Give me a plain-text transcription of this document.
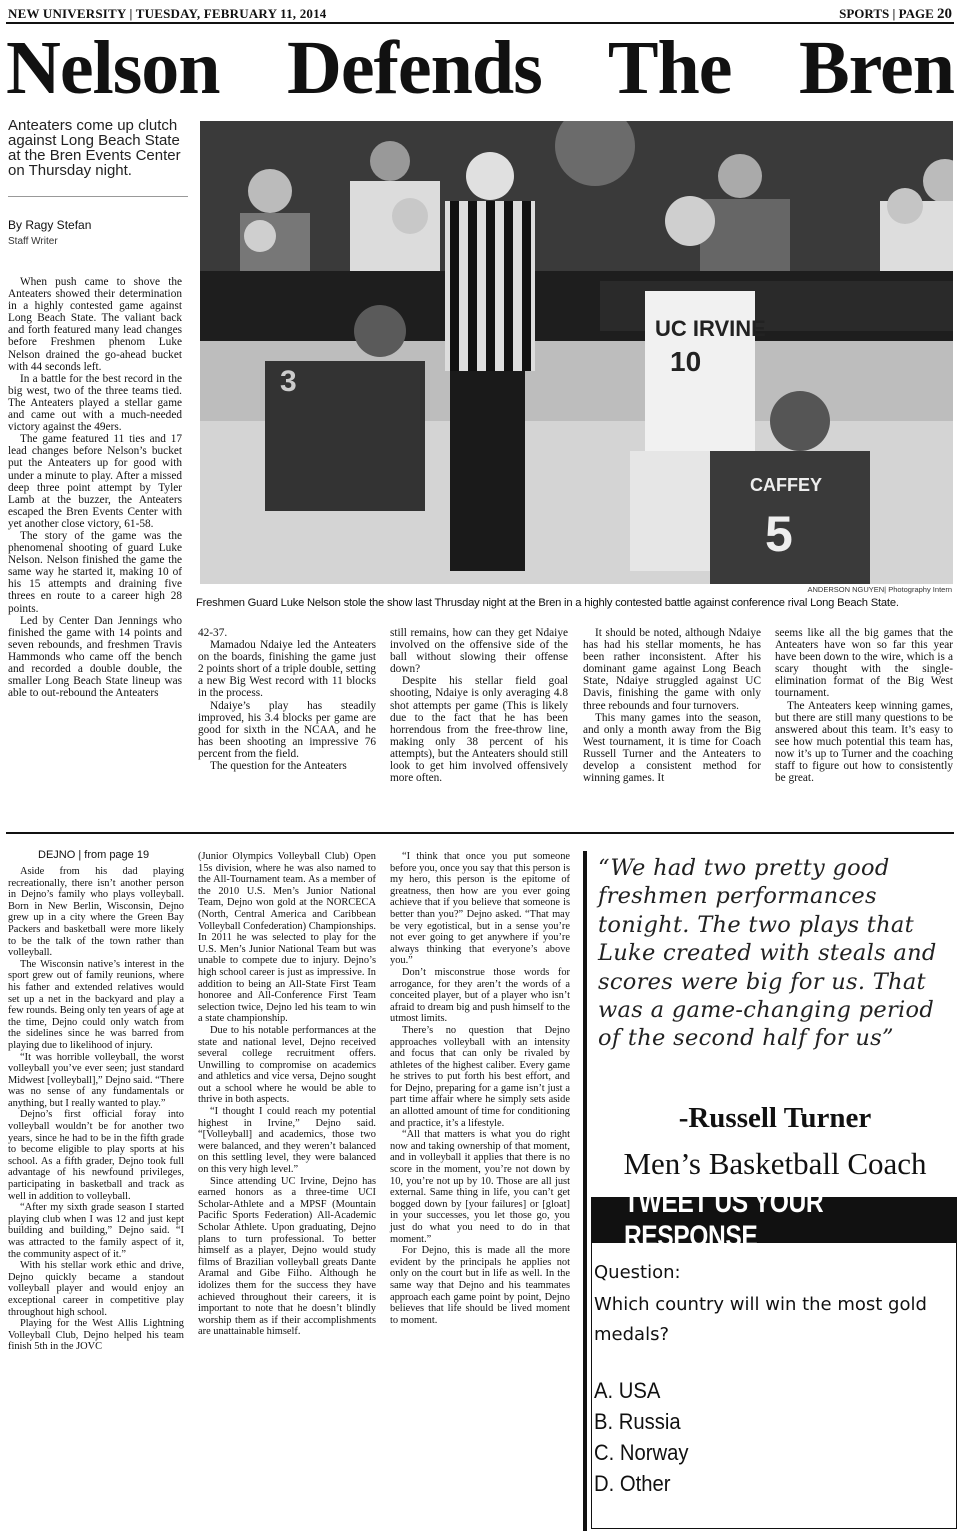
NEW UNIVERSITY | TUESDAY, FEBRUARY 11, 2014	SPORTS | PAGE 20
Nelson Defends The Bren
Anteaters come up clutch against Long Beach State at the Bren Events Center on Thursday night.
By Ragy Stefan
Staff Writer
UC IRVINE
10
3
CAFFEY
5
ANDERSON NGUYEN| Photography Intern
Freshmen Guard Luke Nelson stole the show last Thrusday night at the Bren in a highly contested battle against conference rival Long Beach State.

When push came to shove the Anteaters showed their determination in a highly contested game against Long Beach State. The valiant back and forth featured many lead changes before Freshmen phenom Luke Nelson drained the go-ahead bucket with 44 seconds left.

In a battle for the best record in the big west, two of the three teams tied. The Anteaters played a stellar game and came out with a much-needed victory against the 49ers.

The game featured 11 ties and 17 lead changes before Nelson’s bucket put the Anteaters up for good with under a minute to play. After a missed deep three point attempt by Tyler Lamb at the buzzer, the Anteaters escaped the Bren Events Center with yet another close victory, 61-58.

The story of the game was the phenomenal shooting of guard Luke Nelson. Nelson finished the game the same way he started it, making 10 of his 15 attempts and draining five threes en route to a career high 28 points.

Led by Center Dan Jennings who finished the game with 14 points and seven rebounds, and freshmen Travis Hammonds who came off the bench and recorded a double double, the smaller Long Beach State lineup was able to out-rebound the Anteaters

42-37.

Mamadou Ndaiye led the Anteaters on the boards, finishing the game just 2 points short of a triple double, setting a new Big West record with 11 blocks in the process.

Ndaiye’s play has steadily improved, his 3.4 blocks per game are good for sixth in the NCAA, and he has been shooting an impressive 76 percent from the field.

The question for the Anteaters

still remains, how can they get Ndaiye involved on the offensive side of the ball without slowing their offense down?

Despite his stellar field goal shooting, Ndaiye is only averaging 4.8 shot attempts per game (This is likely due to the fact that he has been horrendous from the free-throw line, making only 38 percent of his attempts), but the Anteaters should still look to get him involved offensively more often.

It should be noted, although Ndaiye has had his stellar moments, he has been rather inconsistent. After his dominant game against Long Beach State, Ndaiye struggled against UC Davis, finishing the game with only three rebounds and four turnovers.

This many games into the season, and only a month away from the Big West tournament, it is time for Coach Russell Turner and the Anteaters to develop a consistent method for winning games. It

seems like all the big games that the Anteaters have won so far this year have been down to the wire, which is a scary thought with the single-elimination format of the Big West tournament.

The Anteaters keep winning games, but there are still many questions to be answered about this team. It’s easy to see how much potential this team has, now it’s up to Turner and the coaching staff to figure out how to consistently be great.

DEJNO | from page 19

Aside from his dad playing recreationally, there isn’t another person in Dejno’s family who plays volleyball. Born in New Berlin, Wisconsin, Dejno grew up in a city where the Green Bay Packers and basketball were more likely to be the talk of the town rather than volleyball.

The Wisconsin native’s interest in the sport grew out of family reunions, where his father and extended relatives would set up a net in the backyard and play a few rounds. Being only ten years of age at the time, Dejno could only watch from the sidelines since he was barred from playing due to likelihood of injury.

“It was horrible volleyball, the worst volleyball you’ve ever seen; just standard Midwest [volleyball],” Dejno said. “There was no sense of any fundamentals or anything, but I really wanted to play.”

Dejno’s first official foray into volleyball wouldn’t be for another two years, since he had to be in the fifth grade to become eligible to play sports at his school. As a fifth grader, Dejno took full advantage of his newfound privileges, participating in basketball and track as well in addition to volleyball.

“After my sixth grade season I started playing club when I was 12 and just kept building and building,” Dejno said. “I was attracted to the family aspect of it, the community aspect of it.”

With his stellar work ethic and drive, Dejno quickly became a standout volleyball player and would enjoy an exceptional career in competitive play throughout high school.

Playing for the West Allis Lightning Volleyball Club, Dejno helped his team finish 5th in the JOVC

(Junior Olympics Volleyball Club) Open 15s division, where he was also named to the All-Tournament team. As a member of the 2010 U.S. Men’s Junior National Team, Dejno won gold at the NORCECA (North, Central America and Caribbean Volleyball Confederation) Championships. In 2011 he was selected to play for the U.S. Men’s Junior National Team but was unable to compete due to injury. Dejno’s high school career is just as impressive. In addition to being an All-State First Team honoree and All-Conference First Team selection twice, Dejno led his team to win a state championship.

Due to his notable performances at the state and national level, Dejno received several college recruitment offers. Unwilling to compromise on academics and athletics and vice versa, Dejno sought out a school where he would be able to thrive in both aspects.

“I thought I could reach my potential highest in Irvine,” Dejno said. “[Volleyball] and academics, those two were balanced, and they weren’t balanced on this settling level, they were balanced on this very high level.”

Since attending UC Irvine, Dejno has earned honors as a three-time UCI Scholar-Athlete and a MPSF (Mountain Pacific Sports Federation) All-Academic Scholar Athlete. Upon graduating, Dejno plans to turn professional. To better himself as a player, Dejno would study films of Brazilian volleyball greats Dante Aramal and Gibe Filho. Although he idolizes them for the success they have achieved throughout their careers, it is important to note that he doesn’t blindly worship them as if their accomplishments are unattainable himself.

“I think that once you put someone before you, once you say that this person is my hero, this person is the epitome of greatness, then how are you ever going achieve that if you believe that someone is better than you?” Dejno asked. “That may be very egotistical, but in a sense you’re not ever going to get anywhere if you’re always thinking that everyone’s above you.”

Don’t misconstrue those words for arrogance, for they aren’t the words of a conceited player, but of a player who isn’t afraid to dream big and push himself to the utmost limits.

There’s no question that Dejno approaches volleyball with an intensity and focus that can only be rivaled by athletes of the highest caliber. Every game he strives to put forth his best effort, and for Dejno, preparing for a game isn’t just a part time affair where he simply sets aside an allotted amount of time for conditioning and practice, it’s a lifestyle.

“All that matters is what you do right now and taking ownership of that moment, and in volleyball it applies that there is no score in the moment, you’re not down by 10, you’re not up by 10. Those are all just external. Same thing in life, you can’t get bogged down by [your failures] or [gloat] in your successes, you let those go, you just do what you need to do in that moment.”

For Dejno, this is made all the more evident by the principals he applies not only on the court but in life as well. In the same way that Dejno and his teammates approach each game point by point, Dejno believes that life should be lived moment to moment.

“We had two pretty good freshmen performances tonight. The two plays that Luke created with steals and scores were big for us. That was a game-changing period of the second half for us”
-Russell Turner
Men’s Basketball Coach
TWEET US YOUR RESPONSE
Question:
Which country will win the most gold medals?
A. USA
B. Russia
C. Norway
D. Other
